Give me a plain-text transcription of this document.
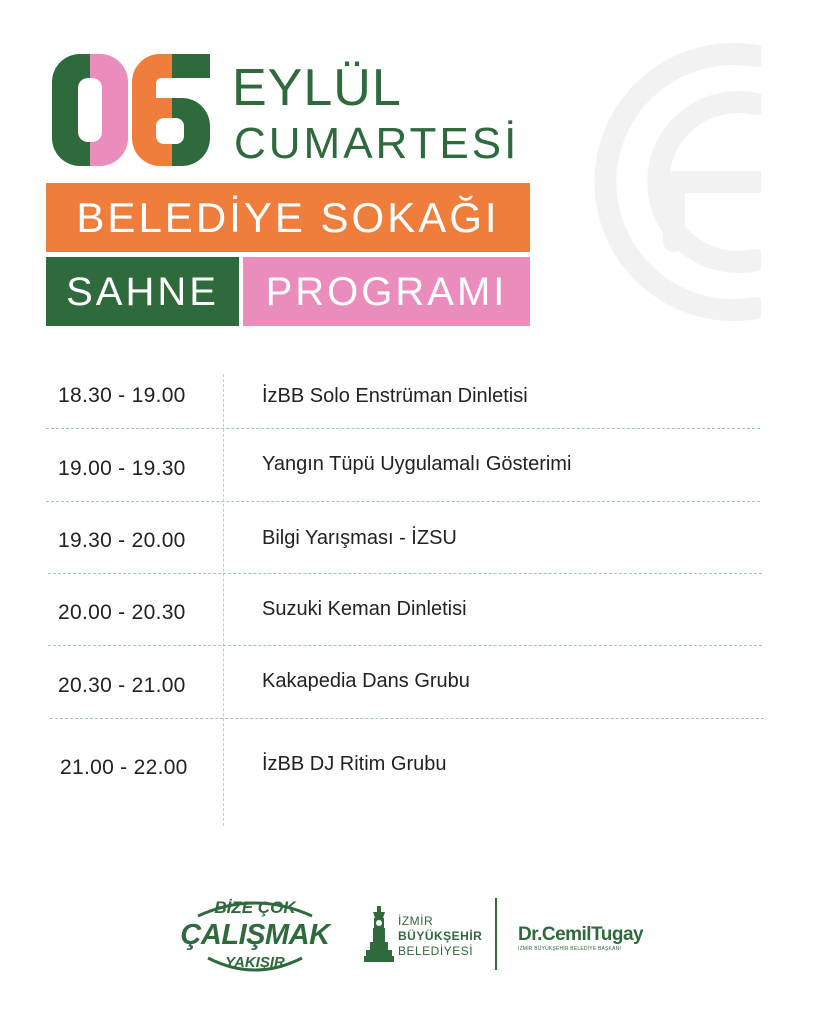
EYLÜL
CUMARTESİ
BELEDİYE SOKAĞI
SAHNE PROGRAMI
18.30 - 19.00	İzBB Solo Enstrüman Dinletisi
19.00 - 19.30	Yangın Tüpü Uygulamalı Gösterimi
19.30 - 20.00	Bilgi Yarışması - İZSU
20.00 - 20.30	Suzuki Keman Dinletisi
20.30 - 21.00	Kakapedia Dans Grubu
21.00 - 22.00	İzBB DJ Ritim Grubu
BİZE ÇOK
ÇALIŞMAK
YAKIŞIR
İZMİR
BÜYÜKŞEHİR
BELEDİYESİ
Dr.CemilTugay
İZMİR BÜYÜKŞEHİR BELEDİYE BAŞKANI
